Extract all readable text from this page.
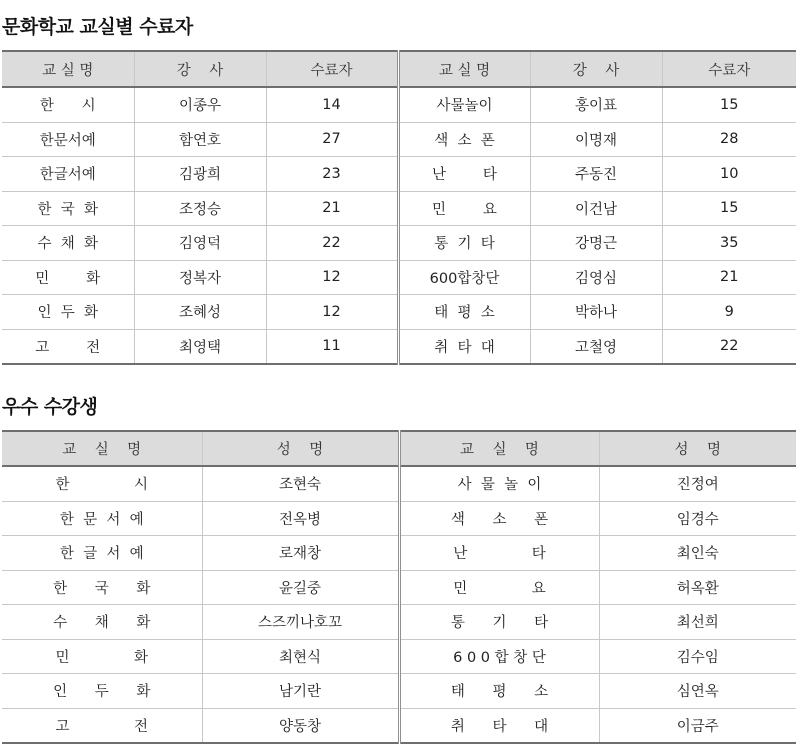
문화학교 교실별 수료자
교 실 명	강    사	수료자	교 실 명	강    사	수료자
한      시	이종우	14	사물놀이	홍이표	15
한문서예	함연호	27	색  소  폰	이명재	28
한글서예	김광희	23	난        타	주동진	10
한  국  화	조정승	21	민        요	이건남	15
수  채  화	김영덕	22	통  기  타	강명근	35
민        화	정복자	12	600합창단	김영심	21
인  두  화	조혜성	12	태  평  소	박하나	9
고        전	최영택	11	취  타  대	고철영	22
우수 수강생
교    실    명	성    명	교    실    명	성    명
한              시	조현숙	사  물  놀  이	진정여
한  문  서  예	전옥병	색      소      폰	임경수
한  글  서  예	로재창	난              타	최인숙
한      국      화	윤길중	민              요	허옥환
수      채      화	스즈끼나호꼬	통      기      타	최선희
민              화	최현식	6 0 0 합 창 단	김수임
인      두      화	남기란	태      평      소	심연옥
고              전	양동창	취      타      대	이금주
